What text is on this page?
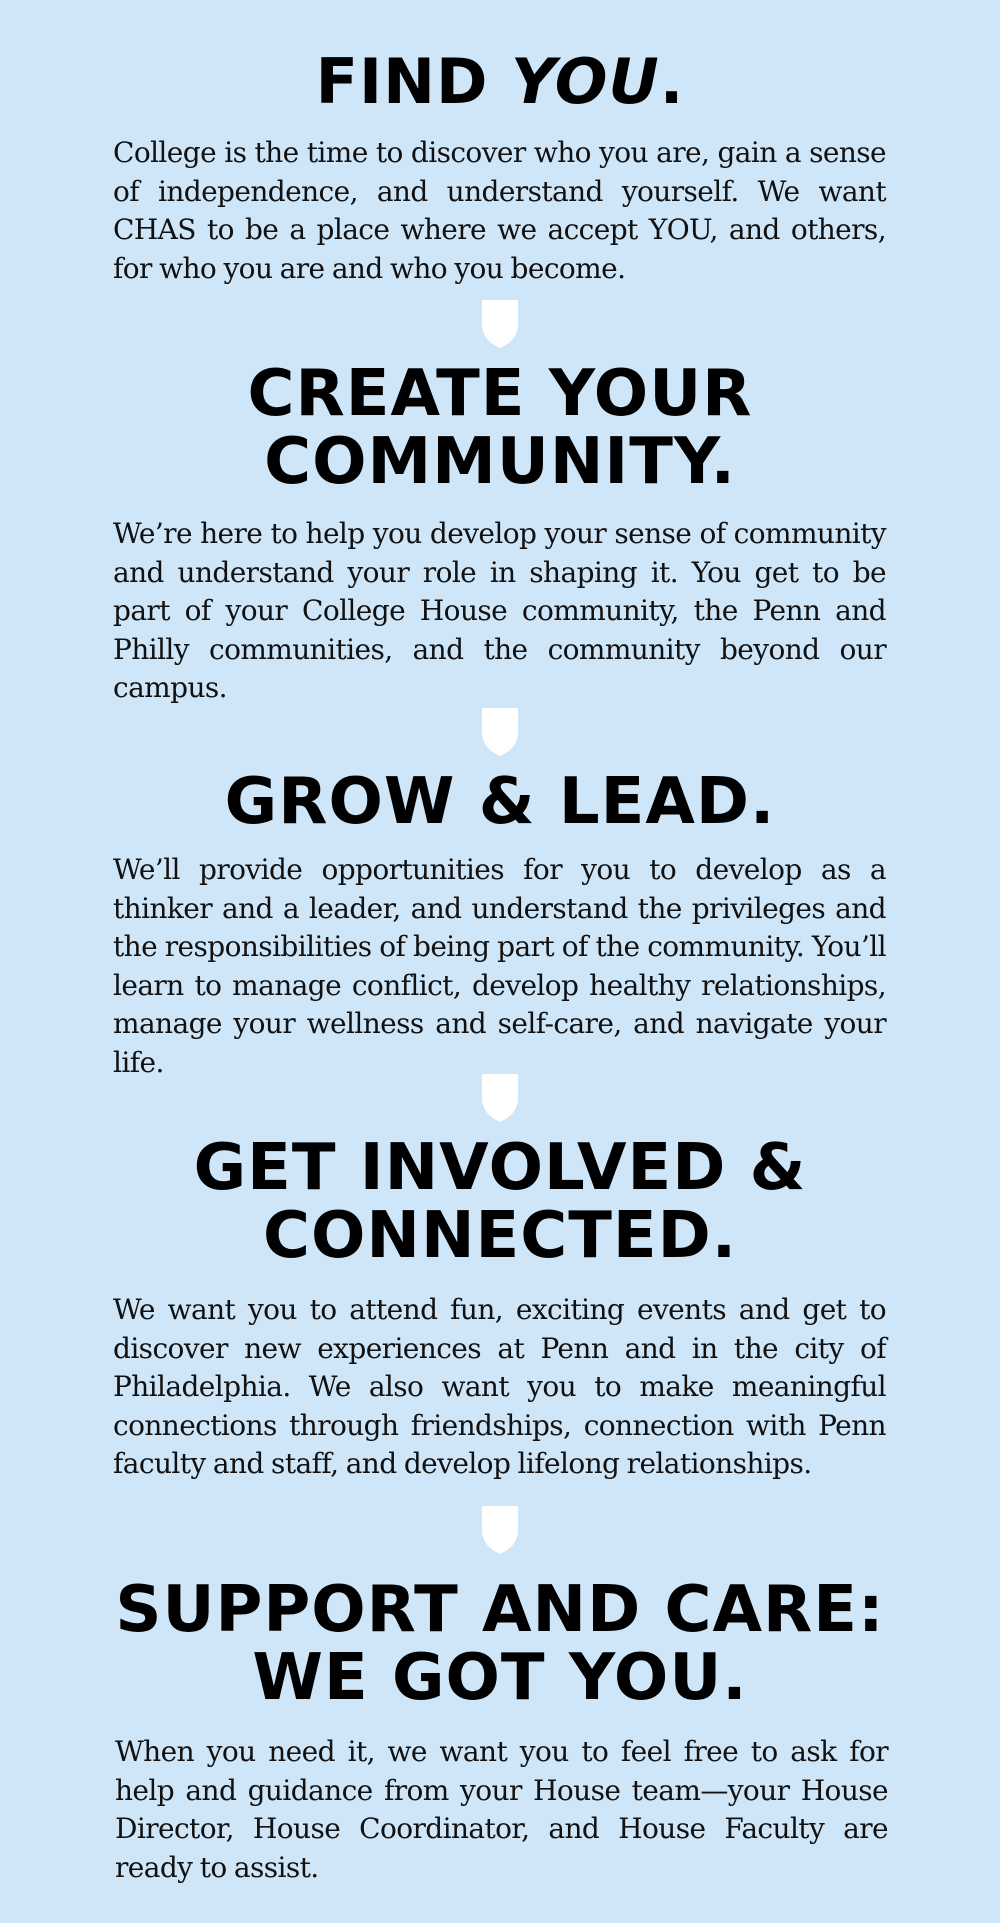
FIND YOU.

College is the time to discover who you are, gain a sense of independence, and understand yourself. We want CHAS to be a place where we accept YOU, and others, for who you are and who you become.

CREATE YOUR
COMMUNITY.

We’re here to help you develop your sense of community and understand your role in shaping it. You get to be part of your College House community, the Penn and Philly communities, and the community beyond our campus.

GROW & LEAD.

We’ll provide opportunities for you to develop as a thinker and a leader, and understand the privileges and the responsibilities of being part of the community. You’ll learn to manage conflict, develop healthy relationships, manage your wellness and self-care, and navigate your life.

GET INVOLVED &
CONNECTED.

We want you to attend fun, exciting events and get to discover new experiences at Penn and in the city of Philadelphia. We also want you to make meaningful connections through friendships, connection with Penn faculty and staff, and develop lifelong relationships.

SUPPORT AND CARE:
WE GOT YOU.

When you need it, we want you to feel free to ask for help and guidance from your House team—your House Director, House Coordinator, and House Faculty are ready to assist.
